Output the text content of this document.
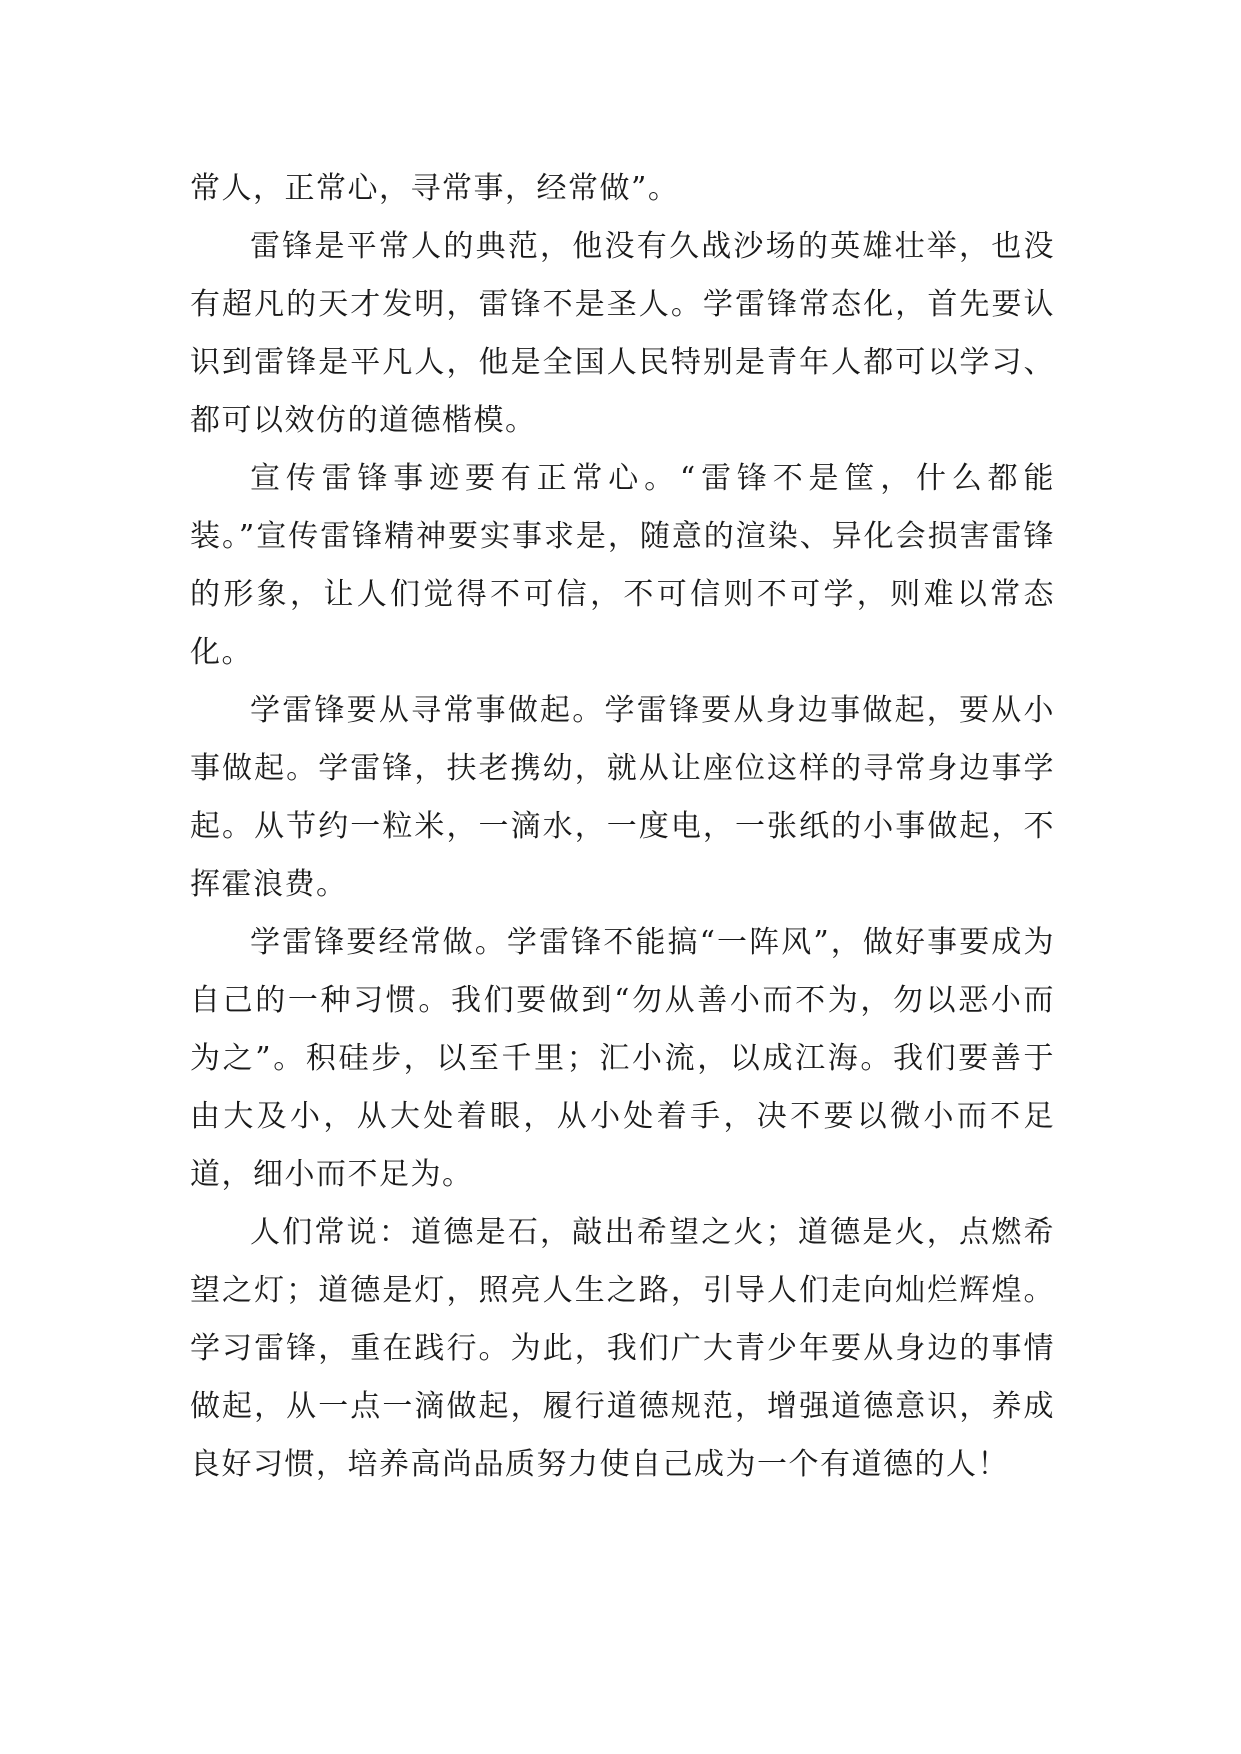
常人，正常心，寻常事，经常做”。

雷锋是平常人的典范，他没有久战沙场的英雄壮举，也没有超凡的天才发明，雷锋不是圣人。学雷锋常态化，首先要认识到雷锋是平凡人，他是全国人民特别是青年人都可以学习、都可以效仿的道德楷模。

宣传雷锋事迹要有正常心。“雷锋不是筐，什么都能装。”宣传雷锋精神要实事求是，随意的渲染、异化会损害雷锋的形象，让人们觉得不可信，不可信则不可学，则难以常态化。

学雷锋要从寻常事做起。学雷锋要从身边事做起，要从小事做起。学雷锋，扶老携幼，就从让座位这样的寻常身边事学起。从节约一粒米，一滴水，一度电，一张纸的小事做起，不挥霍浪费。

学雷锋要经常做。学雷锋不能搞“一阵风”，做好事要成为自己的一种习惯。我们要做到“勿从善小而不为，勿以恶小而为之”。积硅步，以至千里；汇小流，以成江海。我们要善于由大及小，从大处着眼，从小处着手，决不要以微小而不足道，细小而不足为。

人们常说：道德是石，敲出希望之火；道德是火，点燃希望之灯；道德是灯，照亮人生之路，引导人们走向灿烂辉煌。学习雷锋，重在践行。为此，我们广大青少年要从身边的事情做起，从一点一滴做起，履行道德规范，增强道德意识，养成良好习惯，培养高尚品质努力使自己成为一个有道德的人！
